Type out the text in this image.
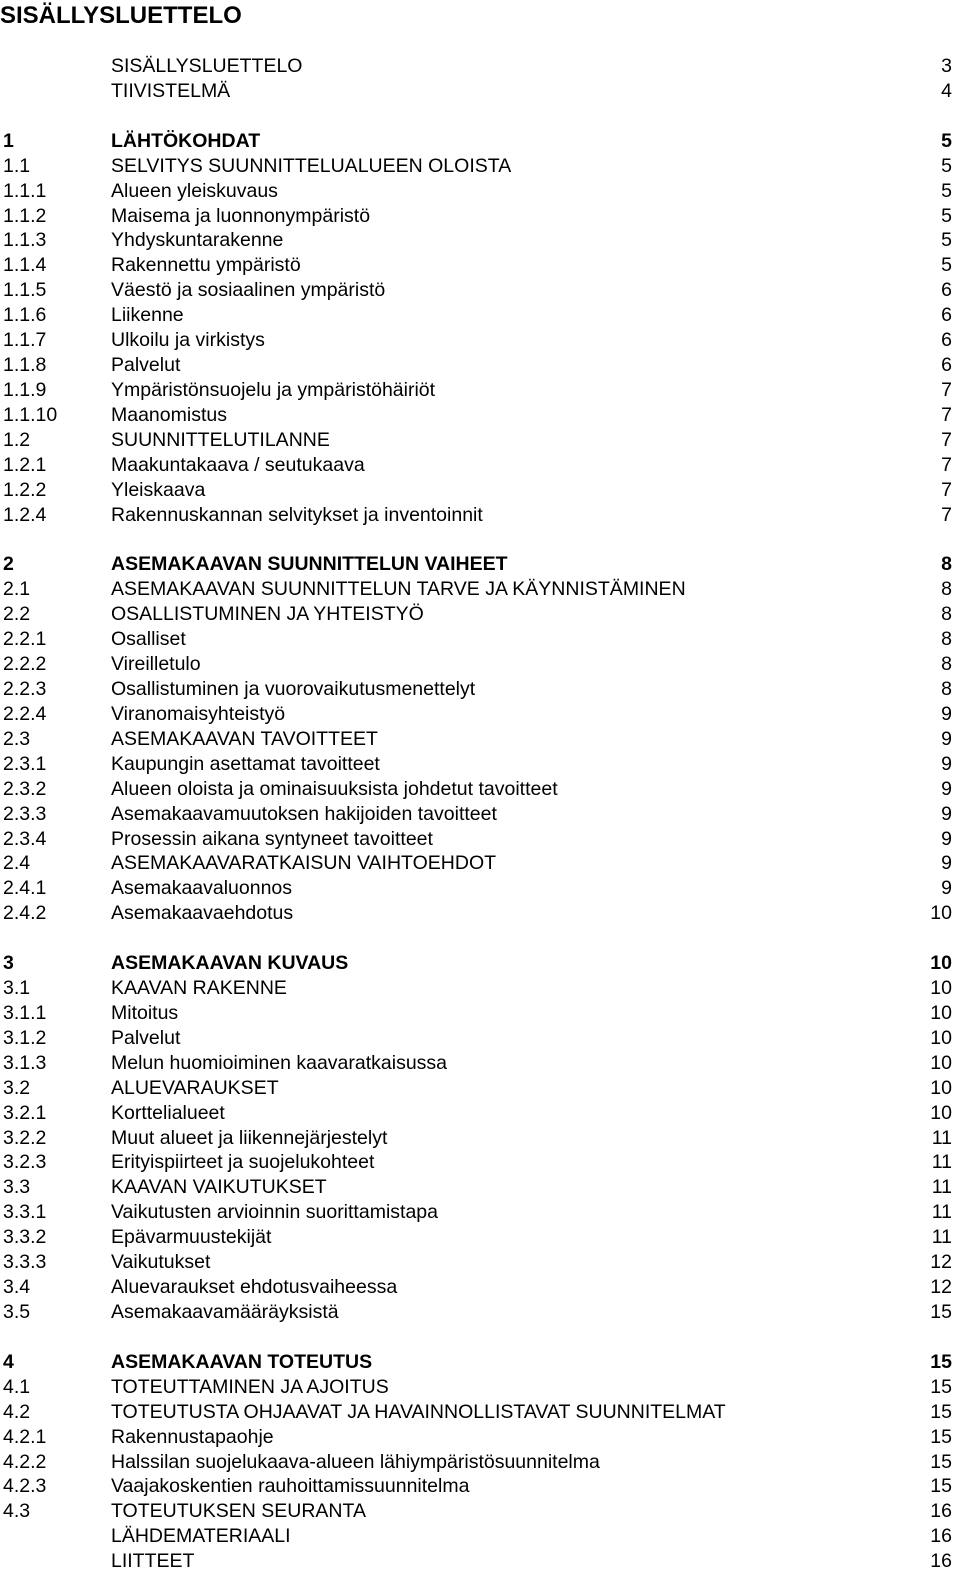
SISÄLLYSLUETTELO
SISÄLLYSLUETTELO	3
TIIVISTELMÄ	4
1	LÄHTÖKOHDAT	5
1.1	SELVITYS SUUNNITTELUALUEEN OLOISTA	5
1.1.1	Alueen yleiskuvaus	5
1.1.2	Maisema ja luonnonympäristö	5
1.1.3	Yhdyskuntarakenne	5
1.1.4	Rakennettu ympäristö	5
1.1.5	Väestö ja sosiaalinen ympäristö	6
1.1.6	Liikenne	6
1.1.7	Ulkoilu ja virkistys	6
1.1.8	Palvelut	6
1.1.9	Ympäristönsuojelu ja ympäristöhäiriöt	7
1.1.10	Maanomistus	7
1.2	SUUNNITTELUTILANNE	7
1.2.1	Maakuntakaava / seutukaava	7
1.2.2	Yleiskaava	7
1.2.4	Rakennuskannan selvitykset ja inventoinnit	7
2	ASEMAKAAVAN SUUNNITTELUN VAIHEET	8
2.1	ASEMAKAAVAN SUUNNITTELUN TARVE JA KÄYNNISTÄMINEN	8
2.2	OSALLISTUMINEN JA YHTEISTYÖ	8
2.2.1	Osalliset	8
2.2.2	Vireilletulo	8
2.2.3	Osallistuminen ja vuorovaikutusmenettelyt	8
2.2.4	Viranomaisyhteistyö	9
2.3	ASEMAKAAVAN TAVOITTEET	9
2.3.1	Kaupungin asettamat tavoitteet	9
2.3.2	Alueen oloista ja ominaisuuksista johdetut tavoitteet	9
2.3.3	Asemakaavamuutoksen hakijoiden tavoitteet	9
2.3.4	Prosessin aikana syntyneet tavoitteet	9
2.4	ASEMAKAAVARATKAISUN VAIHTOEHDOT	9
2.4.1	Asemakaavaluonnos	9
2.4.2	Asemakaavaehdotus	10
3	ASEMAKAAVAN KUVAUS	10
3.1	KAAVAN RAKENNE	10
3.1.1	Mitoitus	10
3.1.2	Palvelut	10
3.1.3	Melun huomioiminen kaavaratkaisussa	10
3.2	ALUEVARAUKSET	10
3.2.1	Korttelialueet	10
3.2.2	Muut alueet ja liikennejärjestelyt	11
3.2.3	Erityispiirteet ja suojelukohteet	11
3.3	KAAVAN VAIKUTUKSET	11
3.3.1	Vaikutusten arvioinnin suorittamistapa	11
3.3.2	Epävarmuustekijät	11
3.3.3	Vaikutukset	12
3.4	Aluevaraukset ehdotusvaiheessa	12
3.5	Asemakaavamääräyksistä	15
4	ASEMAKAAVAN TOTEUTUS	15
4.1	TOTEUTTAMINEN JA AJOITUS	15
4.2	TOTEUTUSTA OHJAAVAT JA HAVAINNOLLISTAVAT SUUNNITELMAT	15
4.2.1	Rakennustapaohje	15
4.2.2	Halssilan suojelukaava-alueen lähiympäristösuunnitelma	15
4.2.3	Vaajakoskentien rauhoittamissuunnitelma	15
4.3	TOTEUTUKSEN SEURANTA	16
LÄHDEMATERIAALI	16
LIITTEET	16
